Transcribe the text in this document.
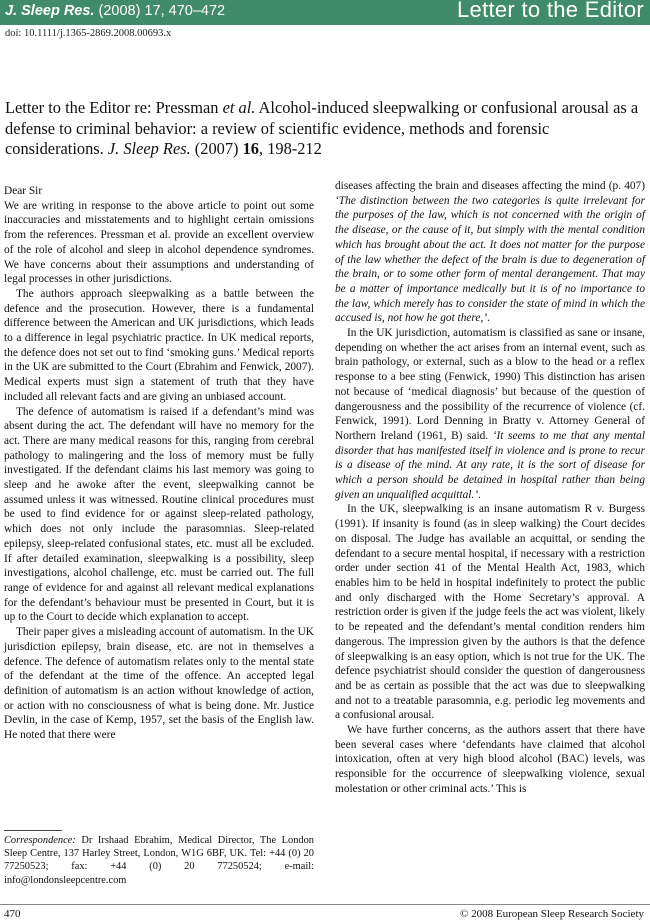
J. Sleep Res. (2008) 17, 470–472	Letter to the Editor
doi: 10.1111/j.1365-2869.2008.00693.x
Letter to the Editor re: Pressman et al. Alcohol-induced sleepwalking or confusional arousal as a defense to criminal behavior: a review of scientific evidence, methods and forensic considerations. J. Sleep Res. (2007) 16, 198-212

Dear Sir

We are writing in response to the above article to point out some inaccuracies and misstatements and to highlight certain omissions from the references. Pressman et al. provide an excellent overview of the role of alcohol and sleep in alcohol dependence syndromes. We have concerns about their assumptions and understanding of legal processes in other jurisdictions.

The authors approach sleepwalking as a battle between the defence and the prosecution. However, there is a fundamental difference between the American and UK jurisdictions, which leads to a difference in legal psychiatric practice. In UK medical reports, the defence does not set out to find ‘smoking guns.’ Medical reports in the UK are submitted to the Court (Ebrahim and Fenwick, 2007). Medical experts must sign a statement of truth that they have included all relevant facts and are giving an unbiased account.

The defence of automatism is raised if a defendant’s mind was absent during the act. The defendant will have no memory for the act. There are many medical reasons for this, ranging from cerebral pathology to malingering and the loss of memory must be fully investigated. If the defendant claims his last memory was going to sleep and he awoke after the event, sleepwalking cannot be assumed unless it was witnessed. Routine clinical procedures must be used to find evidence for or against sleep-related pathology, which does not only include the parasomnias. Sleep-related epilepsy, sleep-related confusional states, etc. must all be excluded. If after detailed examination, sleepwalking is a possibility, sleep investigations, alcohol challenge, etc. must be carried out. The full range of evidence for and against all relevant medical explanations for the defendant’s behaviour must be presented in Court, but it is up to the Court to decide which explanation to accept.

Their paper gives a misleading account of automatism. In the UK jurisdiction epilepsy, brain disease, etc. are not in themselves a defence. The defence of automatism relates only to the mental state of the defendant at the time of the offence. An accepted legal definition of automatism is an action without knowledge of action, or action with no consciousness of what is being done. Mr. Justice Devlin, in the case of Kemp, 1957, set the basis of the English law. He noted that there were

Correspondence: Dr Irshaad Ebrahim, Medical Director, The London Sleep Centre, 137 Harley Street, London, W1G 6BF, UK. Tel: +44 (0) 20 77250523; fax: +44 (0) 20 77250524; e-mail: info@londonsleepcentre.com

diseases affecting the brain and diseases affecting the mind (p. 407) ‘The distinction between the two categories is quite irrelevant for the purposes of the law, which is not concerned with the origin of the disease, or the cause of it, but simply with the mental condition which has brought about the act. It does not matter for the purpose of the law whether the defect of the brain is due to degeneration of the brain, or to some other form of mental derangement. That may be a matter of importance medically but it is of no importance to the law, which merely has to consider the state of mind in which the accused is, not how he got there,’.

In the UK jurisdiction, automatism is classified as sane or insane, depending on whether the act arises from an internal event, such as brain pathology, or external, such as a blow to the head or a reflex response to a bee sting (Fenwick, 1990) This distinction has arisen not because of ‘medical diagnosis’ but because of the question of dangerousness and the possibility of the recurrence of violence (cf. Fenwick, 1991). Lord Denning in Bratty v. Attorney General of Northern Ireland (1961, B) said. ‘It seems to me that any mental disorder that has manifested itself in violence and is prone to recur is a disease of the mind. At any rate, it is the sort of disease for which a person should be detained in hospital rather than being given an unqualified acquittal.’.

In the UK, sleepwalking is an insane automatism R v. Burgess (1991). If insanity is found (as in sleep walking) the Court decides on disposal. The Judge has available an acquittal, or sending the defendant to a secure mental hospital, if necessary with a restriction order under section 41 of the Mental Health Act, 1983, which enables him to be held in hospital indefinitely to protect the public and only discharged with the Home Secretary’s approval. A restriction order is given if the judge feels the act was violent, likely to be repeated and the defendant’s mental condition renders him dangerous. The impression given by the authors is that the defence of sleepwalking is an easy option, which is not true for the UK. The defence psychiatrist should consider the question of dangerousness and be as certain as possible that the act was due to sleepwalking and not to a treatable parasomnia, e.g. periodic leg movements and a confusional arousal.

We have further concerns, as the authors assert that there have been several cases where ‘defendants have claimed that alcohol intoxication, often at very high blood alcohol (BAC) levels, was responsible for the occurrence of sleepwalking violence, sexual molestation or other criminal acts.’ This is

470	© 2008 European Sleep Research Society
